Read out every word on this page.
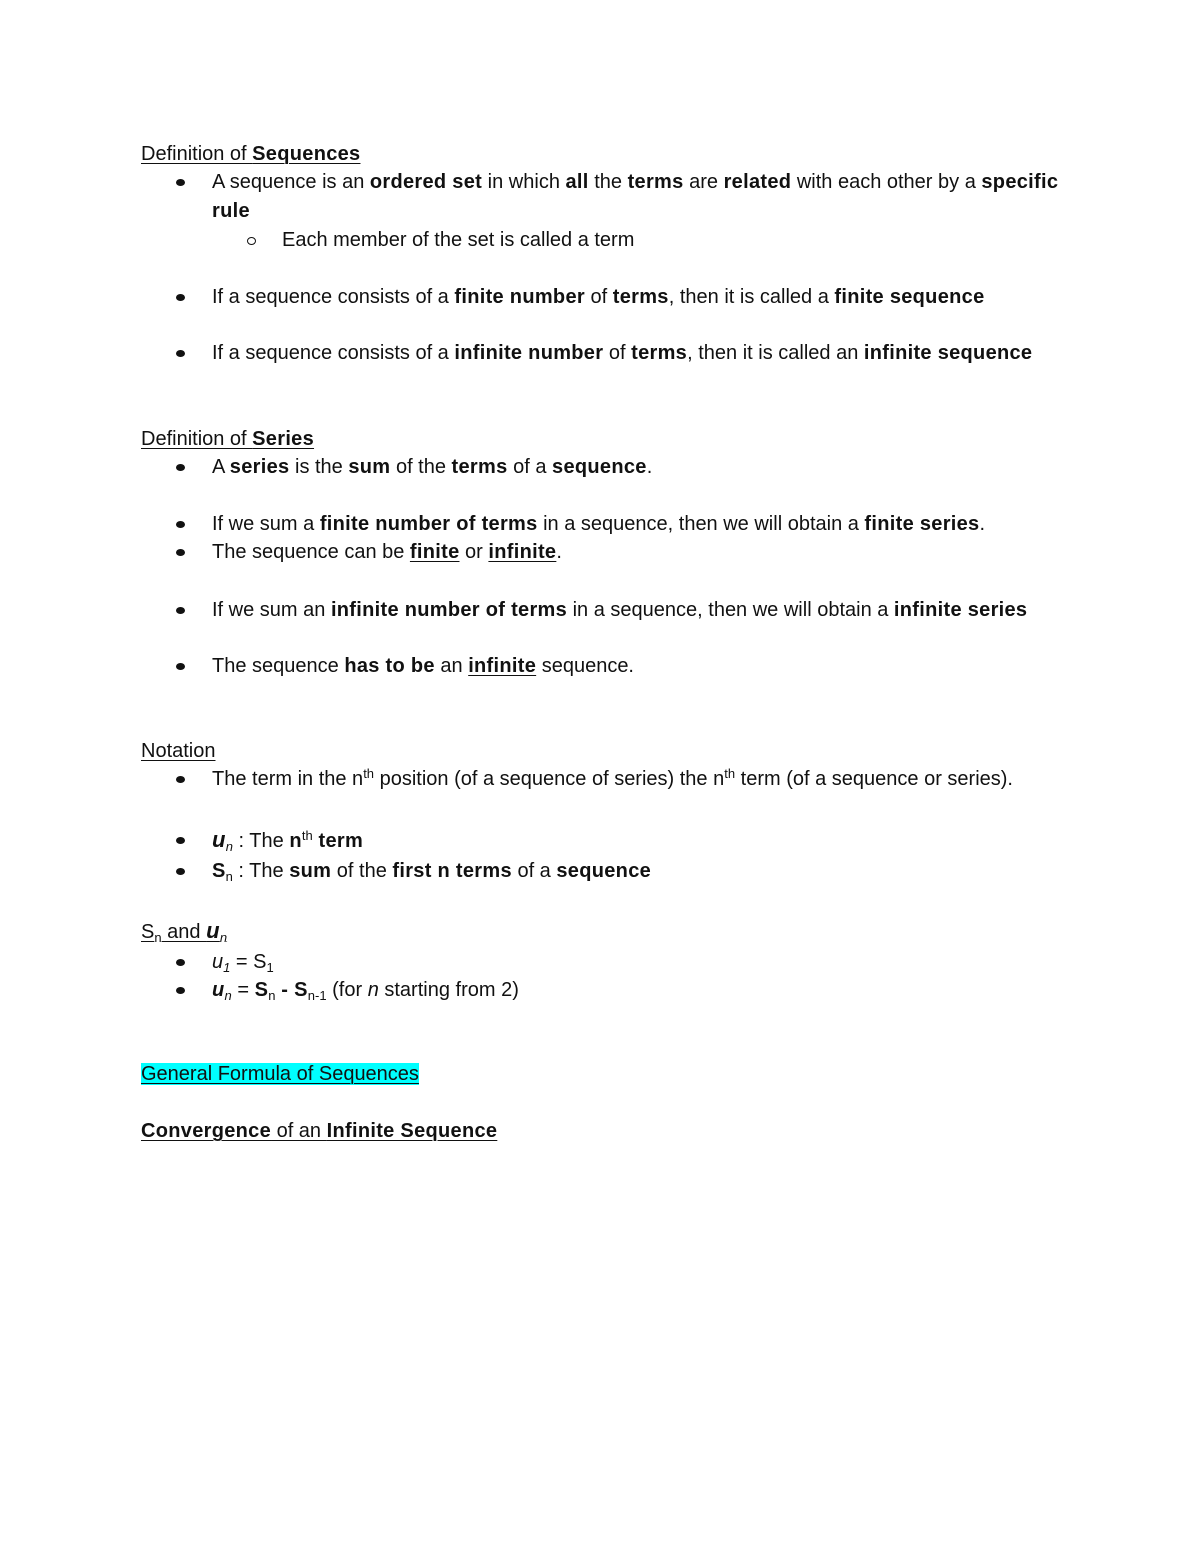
Definition of Sequences
A sequence is an ordered set in which all the terms are related with each other by a specific rule
Each member of the set is called a term
If a sequence consists of a finite number of terms, then it is called a finite sequence
If a sequence consists of a infinite number of terms, then it is called an infinite sequence
Definition of Series
A series is the sum of the terms of a sequence.
If we sum a finite number of terms in a sequence, then we will obtain a finite series.
The sequence can be finite or infinite.
If we sum an infinite number of terms in a sequence, then we will obtain a infinite series
The sequence has to be an infinite sequence.
Notation
The term in the $n^{th}$ position (of a sequence of series) the $n^{th}$ term (of a sequence or series).
$u_n$ : The $n^{th}$ term
$S_n$ : The sum of the first n terms of a sequence
$S_n$ and $u_n$
$u_1 = S_1$
$u_n = S_n - S_{n-1}$ (for n starting from 2)
General Formula of Sequences
Convergence of an Infinite Sequence
